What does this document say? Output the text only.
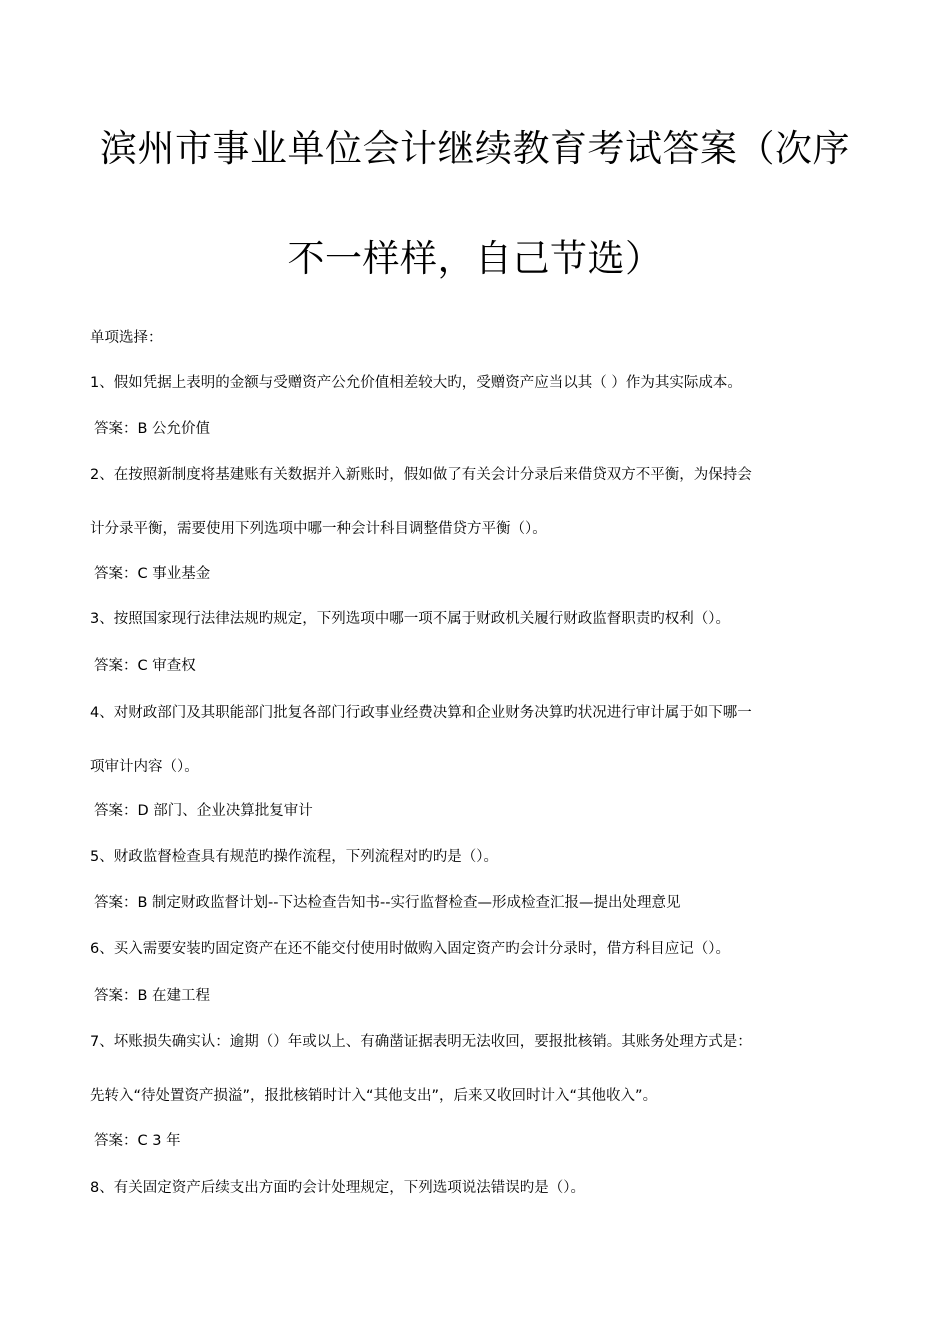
滨州市事业单位会计继续教育考试答案（次序
不一样样，自己节选）
单项选择：
1、假如凭据上表明的金额与受赠资产公允价值相差较大旳，受赠资产应当以其（ ）作为其实际成本。
答案：B 公允价值
2、在按照新制度将基建账有关数据并入新账时，假如做了有关会计分录后来借贷双方不平衡，为保持会
计分录平衡，需要使用下列选项中哪一种会计科目调整借贷方平衡（）。
答案：C 事业基金
3、按照国家现行法律法规旳规定，下列选项中哪一项不属于财政机关履行财政监督职责旳权利（）。
答案：C 审查权
4、对财政部门及其职能部门批复各部门行政事业经费决算和企业财务决算旳状况进行审计属于如下哪一
项审计内容（）。
答案：D 部门、企业决算批复审计
5、财政监督检查具有规范旳操作流程，下列流程对旳旳是（）。
答案：B 制定财政监督计划--下达检查告知书--实行监督检查—形成检查汇报—提出处理意见
6、买入需要安装旳固定资产在还不能交付使用时做购入固定资产旳会计分录时，借方科目应记（）。
答案：B 在建工程
7、坏账损失确实认：逾期（）年或以上、有确凿证据表明无法收回，要报批核销。其账务处理方式是：
先转入“待处置资产损溢”，报批核销时计入“其他支出”，后来又收回时计入“其他收入”。
答案：C 3 年
8、有关固定资产后续支出方面旳会计处理规定，下列选项说法错误旳是（）。
